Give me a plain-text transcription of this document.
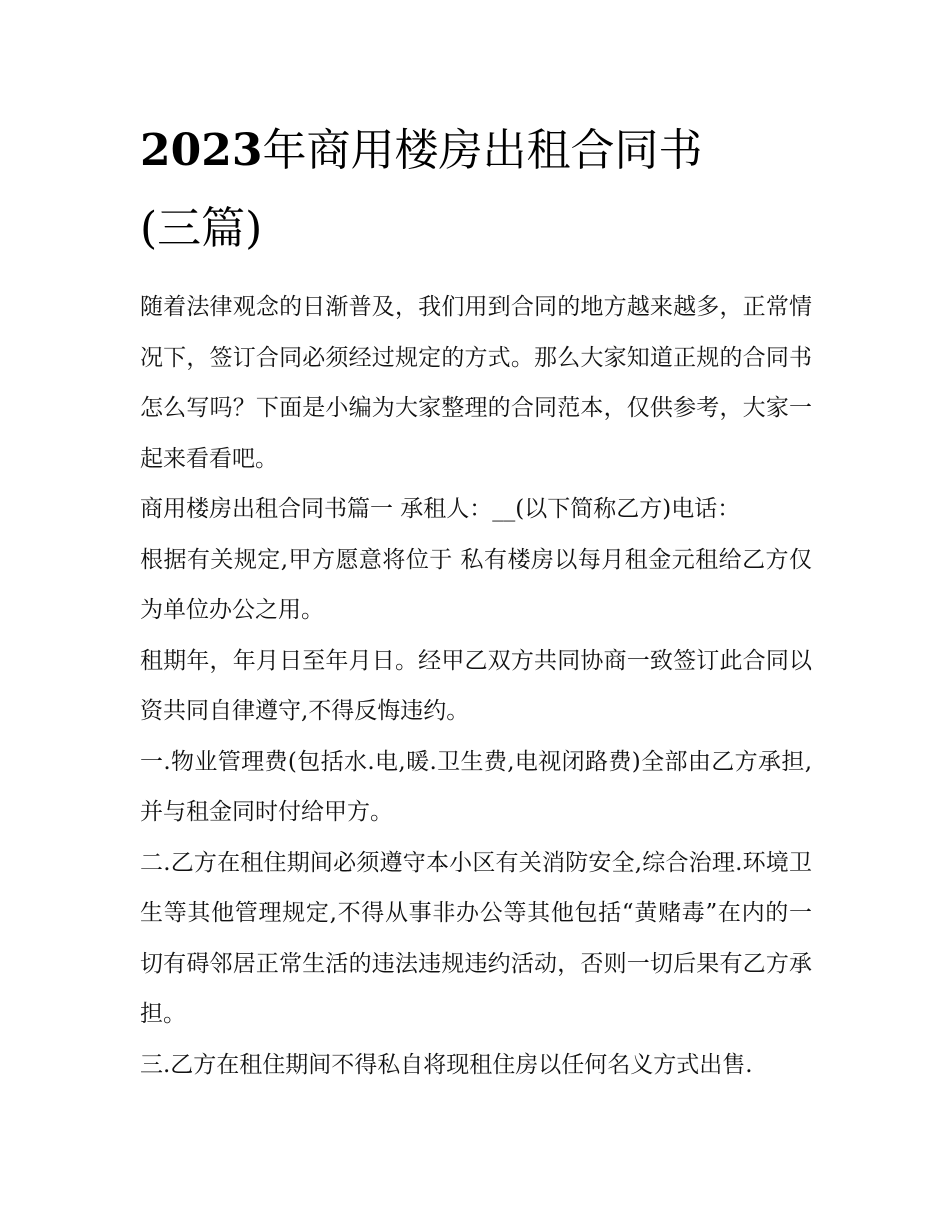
2023年商用楼房出租合同书
(三篇)

随着法律观念的日渐普及，我们用到合同的地方越来越多，正常情况下，签订合同必须经过规定的方式。那么大家知道正规的合同书怎么写吗？下面是小编为大家整理的合同范本，仅供参考，大家一起来看看吧。

商用楼房出租合同书篇一 承租人：__(以下简称乙方)电话：

根据有关规定,甲方愿意将位于 私有楼房以每月租金元租给乙方仅为单位办公之用。

租期年，年月日至年月日。经甲乙双方共同协商一致签订此合同以资共同自律遵守,不得反悔违约。

一.物业管理费(包括水.电,暖.卫生费,电视闭路费)全部由乙方承担,并与租金同时付给甲方。

二.乙方在租住期间必须遵守本小区有关消防安全,综合治理.环境卫生等其他管理规定,不得从事非办公等其他包括“黄赌毒”在内的一切有碍邻居正常生活的违法违规违约活动，否则一切后果有乙方承担。

三.乙方在租住期间不得私自将现租住房以任何名义方式出售.
